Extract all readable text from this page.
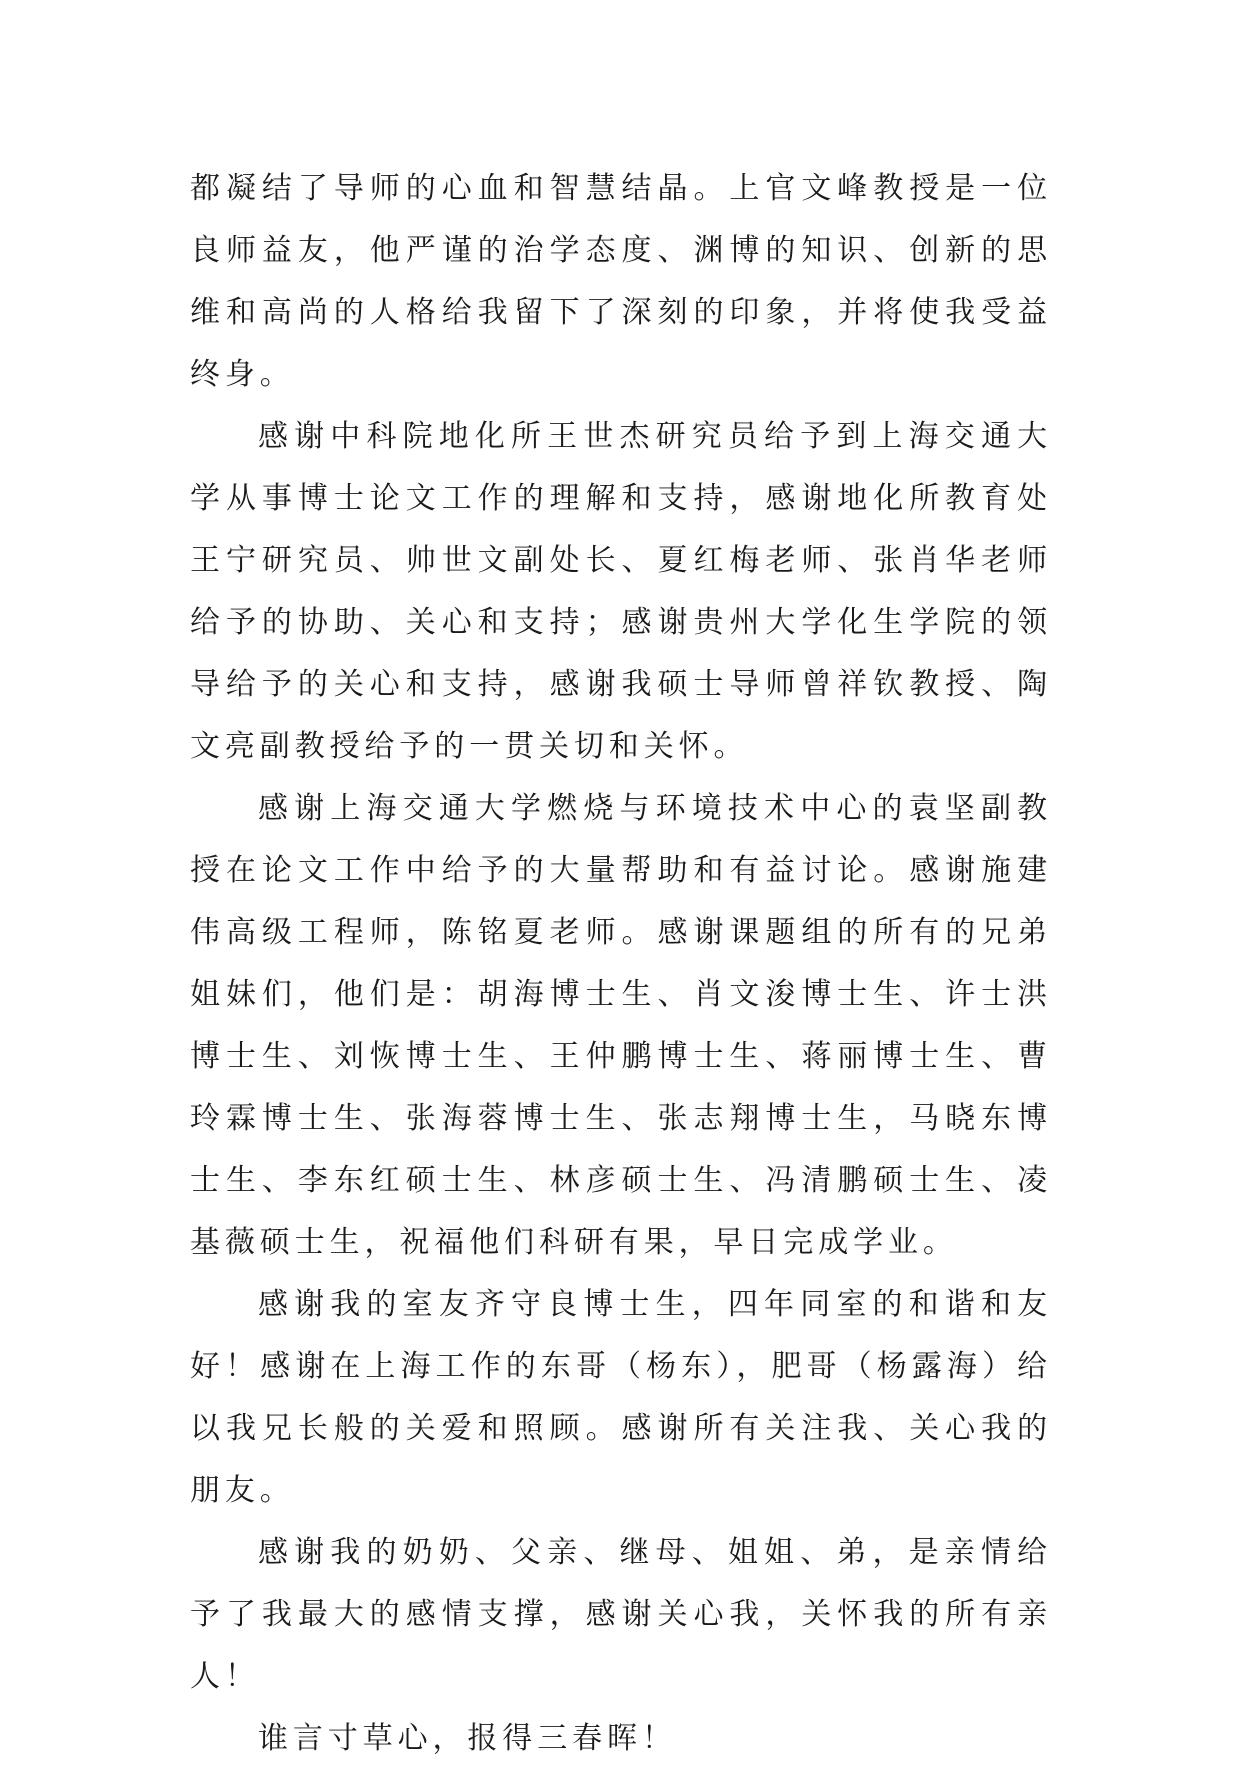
都凝结了导师的心血和智慧结晶。上官文峰教授是一位良师益友，他严谨的治学态度、渊博的知识、创新的思维和高尚的人格给我留下了深刻的印象，并将使我受益终身。

感谢中科院地化所王世杰研究员给予到上海交通大学从事博士论文工作的理解和支持，感谢地化所教育处王宁研究员、帅世文副处长、夏红梅老师、张肖华老师给予的协助、关心和支持；感谢贵州大学化生学院的领导给予的关心和支持，感谢我硕士导师曾祥钦教授、陶文亮副教授给予的一贯关切和关怀。

感谢上海交通大学燃烧与环境技术中心的袁坚副教授在论文工作中给予的大量帮助和有益讨论。感谢施建伟高级工程师，陈铭夏老师。感谢课题组的所有的兄弟姐妹们，他们是：胡海博士生、肖文浚博士生、许士洪博士生、刘恢博士生、王仲鹏博士生、蒋丽博士生、曹玲霖博士生、张海蓉博士生、张志翔博士生，马晓东博士生、李东红硕士生、林彦硕士生、冯清鹏硕士生、凌基薇硕士生，祝福他们科研有果，早日完成学业。

感谢我的室友齐守良博士生，四年同室的和谐和友好！感谢在上海工作的东哥（杨东），肥哥（杨露海）给以我兄长般的关爱和照顾。感谢所有关注我、关心我的朋友。

感谢我的奶奶、父亲、继母、姐姐、弟，是亲情给予了我最大的感情支撑，感谢关心我，关怀我的所有亲人！

谁言寸草心，报得三春晖！
